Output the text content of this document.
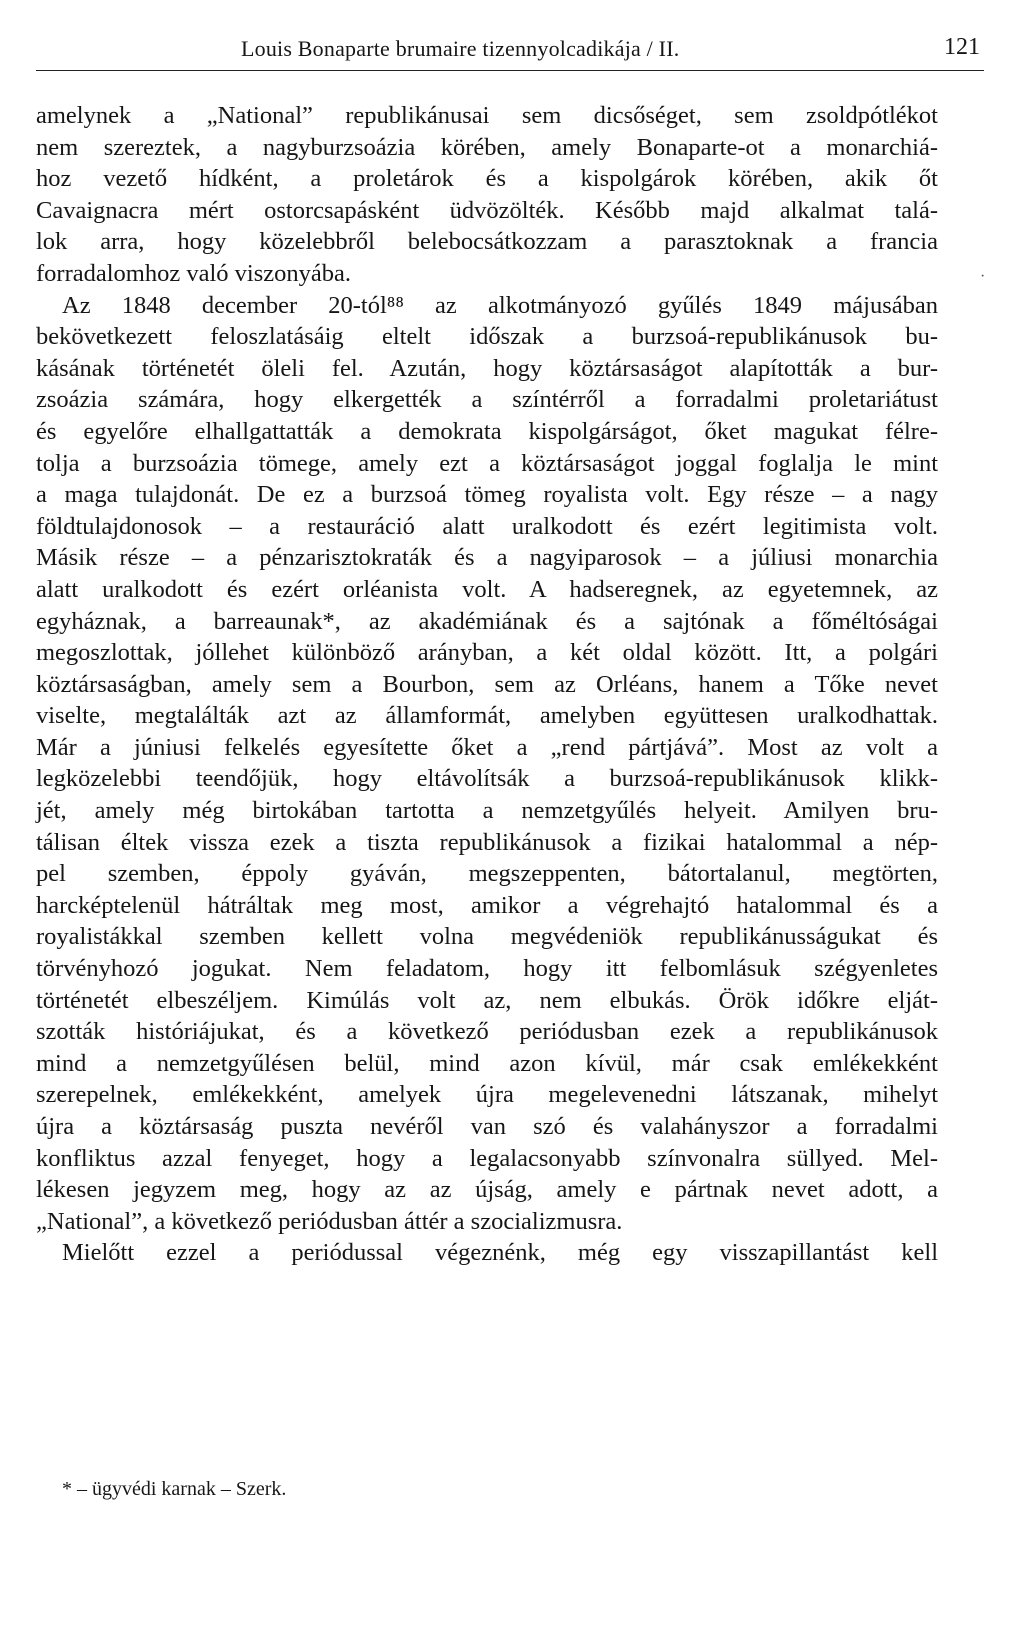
Louis Bonaparte brumaire tizennyolcadikája / II.	121
·
amelynek a „National” republikánusai sem dicsőséget, sem zsoldpótlékot
nem szereztek, a nagyburzsoázia körében, amely Bonaparte-ot a monarchiá-
hoz vezető hídként, a proletárok és a kispolgárok körében, akik őt
Cavaignacra mért ostorcsapásként üdvözölték. Később majd alkalmat talá-
lok arra, hogy közelebbről belebocsátkozzam a parasztoknak a francia
forradalomhoz való viszonyába.
Az 1848 december 20-tól⁸⁸ az alkotmányozó gyűlés 1849 májusában
bekövetkezett feloszlatásáig eltelt időszak a burzsoá-republikánusok bu-
kásának történetét öleli fel. Azután, hogy köztársaságot alapították a bur-
zsoázia számára, hogy elkergették a színtérről a forradalmi proletariátust
és egyelőre elhallgattatták a demokrata kispolgárságot, őket magukat félre-
tolja a burzsoázia tömege, amely ezt a köztársaságot joggal foglalja le mint
a maga tulajdonát. De ez a burzsoá tömeg royalista volt. Egy része – a nagy
földtulajdonosok – a restauráció alatt uralkodott és ezért legitimista volt.
Másik része – a pénzarisztokraták és a nagyiparosok – a júliusi monarchia
alatt uralkodott és ezért orléanista volt. A hadseregnek, az egyetemnek, az
egyháznak, a barreaunak*, az akadémiának és a sajtónak a főméltóságai
megoszlottak, jóllehet különböző arányban, a két oldal között. Itt, a polgári
köztársaságban, amely sem a Bourbon, sem az Orléans, hanem a Tőke nevet
viselte, megtalálták azt az államformát, amelyben együttesen uralkodhattak.
Már a júniusi felkelés egyesítette őket a „rend pártjává”. Most az volt a
legközelebbi teendőjük, hogy eltávolítsák a burzsoá-republikánusok klikk-
jét, amely még birtokában tartotta a nemzetgyűlés helyeit. Amilyen bru-
tálisan éltek vissza ezek a tiszta republikánusok a fizikai hatalommal a nép-
pel szemben, éppoly gyáván, megszeppenten, bátortalanul, megtörten,
harcképtelenül hátráltak meg most, amikor a végrehajtó hatalommal és a
royalistákkal szemben kellett volna megvédeniök republikánusságukat és
törvényhozó jogukat. Nem feladatom, hogy itt felbomlásuk szégyenletes
történetét elbeszéljem. Kimúlás volt az, nem elbukás. Örök időkre elját-
szották históriájukat, és a következő periódusban ezek a republikánusok
mind a nemzetgyűlésen belül, mind azon kívül, már csak emlékekként
szerepelnek, emlékekként, amelyek újra megelevenedni látszanak, mihelyt
újra a köztársaság puszta nevéről van szó és valahányszor a forradalmi
konfliktus azzal fenyeget, hogy a legalacsonyabb színvonalra süllyed. Mel-
lékesen jegyzem meg, hogy az az újság, amely e pártnak nevet adott, a
„National”, a következő periódusban áttér a szocializmusra.
Mielőtt ezzel a periódussal végeznénk, még egy visszapillantást kell
* – ügyvédi karnak – Szerk.
